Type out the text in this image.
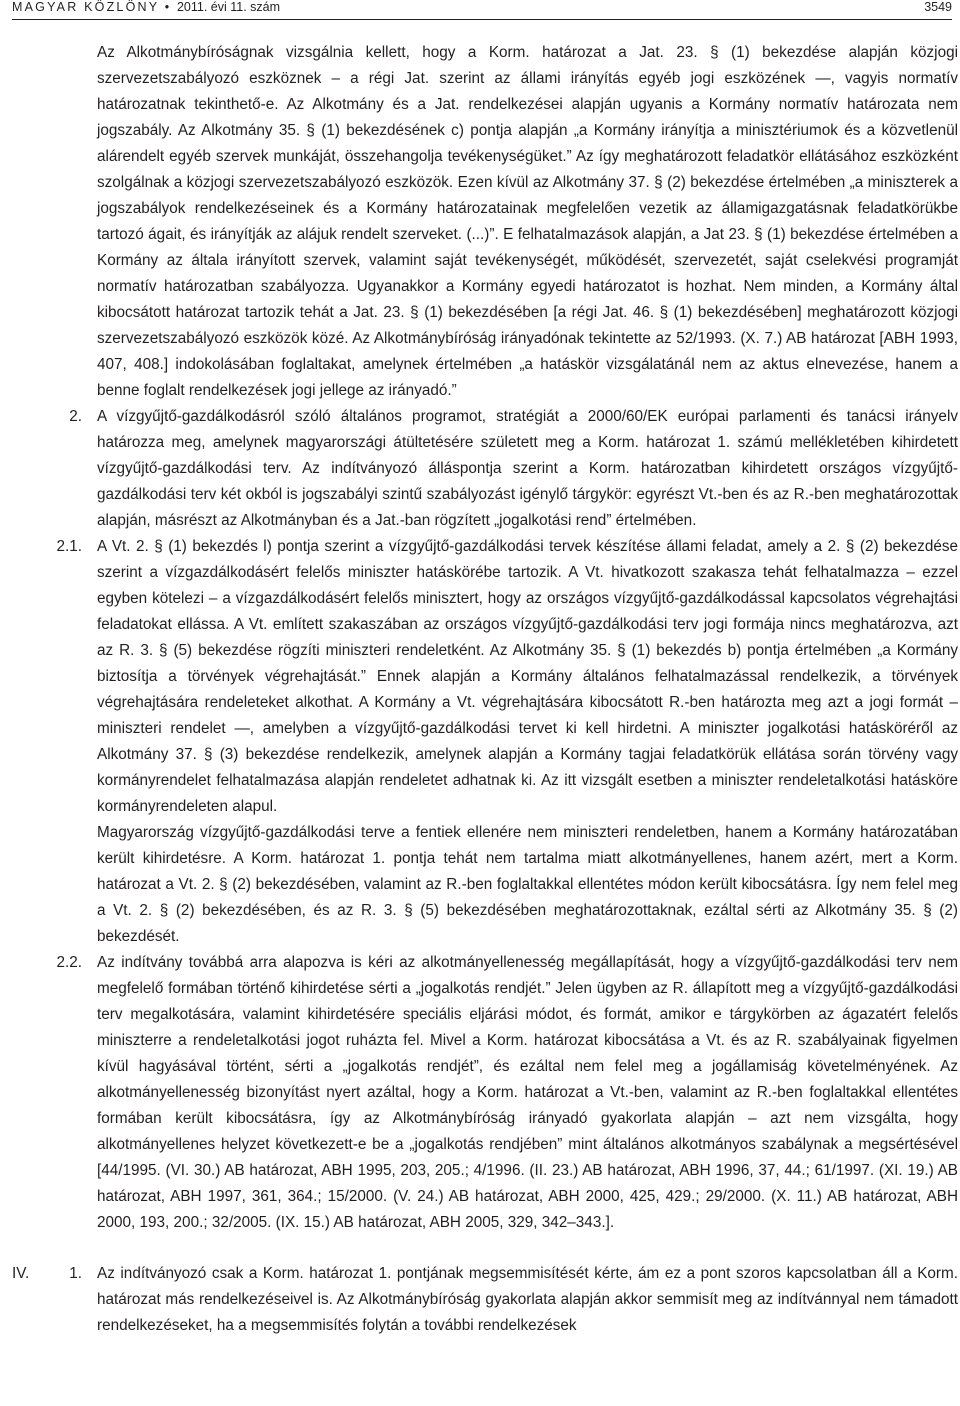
MAGYAR KÖZLÖNY • 2011. évi 11. szám	3549
Az Alkotmánybíróságnak vizsgálnia kellett, hogy a Korm. határozat a Jat. 23. § (1) bekezdése alapján közjogi szervezetszabályozó eszköznek – a régi Jat. szerint az állami irányítás egyéb jogi eszközének —, vagyis normatív határozatnak tekinthető-e. Az Alkotmány és a Jat. rendelkezései alapján ugyanis a Kormány normatív határozata nem jogszabály. Az Alkotmány 35. § (1) bekezdésének c) pontja alapján „a Kormány irányítja a minisztériumok és a közvetlenül alárendelt egyéb szervek munkáját, összehangolja tevékenységüket.” Az így meghatározott feladatkör ellátásához eszközként szolgálnak a közjogi szervezetszabályozó eszközök. Ezen kívül az Alkotmány 37. § (2) bekezdése értelmében „a miniszterek a jogszabályok rendelkezéseinek és a Kormány határozatainak megfelelően vezetik az államigazgatásnak feladatkörükbe tartozó ágait, és irányítják az alájuk rendelt szerveket. (...)”. E felhatalmazások alapján, a Jat 23. § (1) bekezdése értelmében a Kormány az általa irányított szervek, valamint saját tevékenységét, működését, szervezetét, saját cselekvési programját normatív határozatban szabályozza. Ugyanakkor a Kormány egyedi határozatot is hozhat. Nem minden, a Kormány által kibocsátott határozat tartozik tehát a Jat. 23. § (1) bekezdésében [a régi Jat. 46. § (1) bekezdésében] meghatározott közjogi szervezetszabályozó eszközök közé. Az Alkotmánybíróság irányadónak tekintette az 52/1993. (X. 7.) AB határozat [ABH 1993, 407, 408.] indokolásában foglaltakat, amelynek értelmében „a hatáskör vizsgálatánál nem az aktus elnevezése, hanem a benne foglalt rendelkezések jogi jellege az irányadó.”
2. A vízgyűjtő-gazdálkodásról szóló általános programot, stratégiát a 2000/60/EK európai parlamenti és tanácsi irányelv határozza meg, amelynek magyarországi átültetésére született meg a Korm. határozat 1. számú mellékletében kihirdetett vízgyűjtő-gazdálkodási terv. Az indítványozó álláspontja szerint a Korm. határozatban kihirdetett országos vízgyűjtő-gazdálkodási terv két okból is jogszabályi szintű szabályozást igénylő tárgykör: egyrészt Vt.-ben és az R.-ben meghatározottak alapján, másrészt az Alkotmányban és a Jat.-ban rögzített „jogalkotási rend” értelmében.
2.1. A Vt. 2. § (1) bekezdés l) pontja szerint a vízgyűjtő-gazdálkodási tervek készítése állami feladat, amely a 2. § (2) bekezdése szerint a vízgazdálkodásért felelős miniszter hatáskörébe tartozik. A Vt. hivatkozott szakasza tehát felhatalmazza – ezzel egyben kötelezi – a vízgazdálkodásért felelős minisztert, hogy az országos vízgyűjtő-gazdálkodással kapcsolatos végrehajtási feladatokat ellássa. A Vt. említett szakaszában az országos vízgyűjtő-gazdálkodási terv jogi formája nincs meghatározva, azt az R. 3. § (5) bekezdése rögzíti miniszteri rendeletként. Az Alkotmány 35. § (1) bekezdés b) pontja értelmében „a Kormány biztosítja a törvények végrehajtását.” Ennek alapján a Kormány általános felhatalmazással rendelkezik, a törvények végrehajtására rendeleteket alkothat. A Kormány a Vt. végrehajtására kibocsátott R.-ben határozta meg azt a jogi formát – miniszteri rendelet —, amelyben a vízgyűjtő-gazdálkodási tervet ki kell hirdetni. A miniszter jogalkotási hatásköréről az Alkotmány 37. § (3) bekezdése rendelkezik, amelynek alapján a Kormány tagjai feladatkörük ellátása során törvény vagy kormányrendelet felhatalmazása alapján rendeletet adhatnak ki. Az itt vizsgált esetben a miniszter rendeletalkotási hatásköre kormányrendeleten alapul.
Magyarország vízgyűjtő-gazdálkodási terve a fentiek ellenére nem miniszteri rendeletben, hanem a Kormány határozatában került kihirdetésre. A Korm. határozat 1. pontja tehát nem tartalma miatt alkotmányellenes, hanem azért, mert a Korm. határozat a Vt. 2. § (2) bekezdésében, valamint az R.-ben foglaltakkal ellentétes módon került kibocsátásra. Így nem felel meg a Vt. 2. § (2) bekezdésében, és az R. 3. § (5) bekezdésében meghatározottaknak, ezáltal sérti az Alkotmány 35. § (2) bekezdését.
2.2. Az indítvány továbbá arra alapozva is kéri az alkotmányellenesség megállapítását, hogy a vízgyűjtő-gazdálkodási terv nem megfelelő formában történő kihirdetése sérti a „jogalkotás rendjét.” Jelen ügyben az R. állapított meg a vízgyűjtő-gazdálkodási terv megalkotására, valamint kihirdetésére speciális eljárási módot, és formát, amikor e tárgykörben az ágazatért felelős miniszterre a rendeletalkotási jogot ruházta fel. Mivel a Korm. határozat kibocsátása a Vt. és az R. szabályainak figyelmen kívül hagyásával történt, sérti a „jogalkotás rendjét”, és ezáltal nem felel meg a jogállamiság követelményének. Az alkotmányellenesség bizonyítást nyert azáltal, hogy a Korm. határozat a Vt.-ben, valamint az R.-ben foglaltakkal ellentétes formában került kibocsátásra, így az Alkotmánybíróság irányadó gyakorlata alapján – azt nem vizsgálta, hogy alkotmányellenes helyzet következett-e be a „jogalkotás rendjében” mint általános alkotmányos szabálynak a megsértésével [44/1995. (VI. 30.) AB határozat, ABH 1995, 203, 205.; 4/1996. (II. 23.) AB határozat, ABH 1996, 37, 44.; 61/1997. (XI. 19.) AB határozat, ABH 1997, 361, 364.; 15/2000. (V. 24.) AB határozat, ABH 2000, 425, 429.; 29/2000. (X. 11.) AB határozat, ABH 2000, 193, 200.; 32/2005. (IX. 15.) AB határozat, ABH 2005, 329, 342–343.].
IV.	1. Az indítványozó csak a Korm. határozat 1. pontjának megsemmisítését kérte, ám ez a pont szoros kapcsolatban áll a Korm. határozat más rendelkezéseivel is. Az Alkotmánybíróság gyakorlata alapján akkor semmisít meg az indítvánnyal nem támadott rendelkezéseket, ha a megsemmisítés folytán a további rendelkezések
